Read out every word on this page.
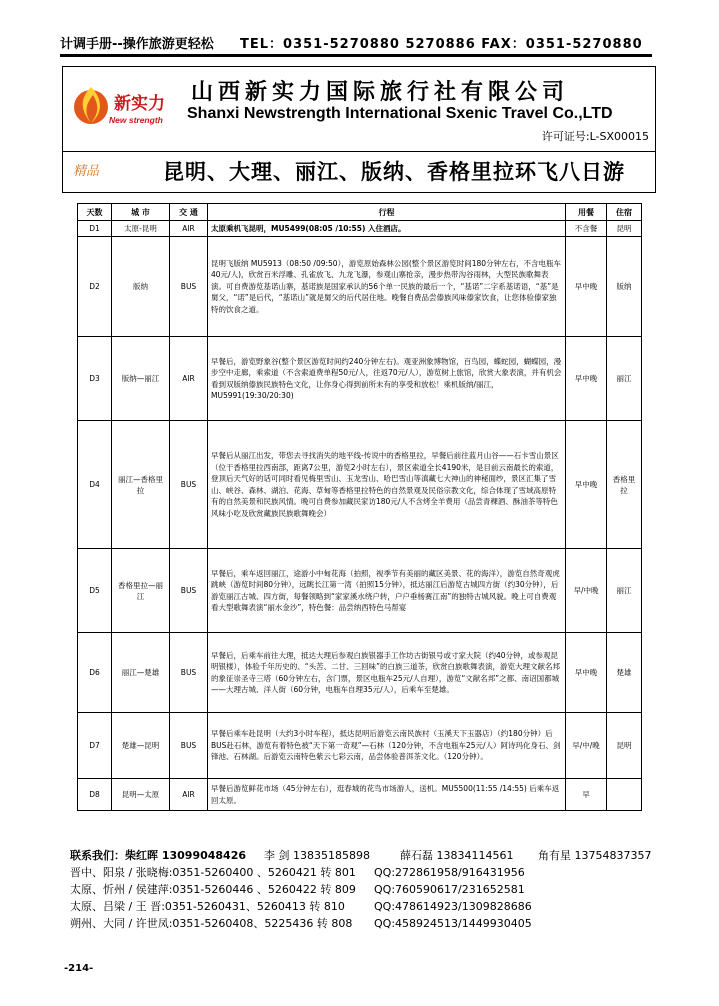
计调手册--操作旅游更轻松 TEL：0351-5270880 5270886 FAX：0351-5270880
新实力
New strength
山西新实力国际旅行社有限公司
Shanxi Newstrength International Sxenic Travel Co.,LTD
许可证号:L-SX00015
精品	昆明、大理、丽江、版纳、香格里拉环飞八日游
天数	城 市	交 通	行程	用餐	住宿
D1	太原-昆明	AIR	太原乘机飞昆明，MU5499(08:05 /10:55) 入住酒店。	不含餐	昆明
D2	版纳	BUS	昆明飞版纳 MU5913（08:50 /09:50），游览原始森林公园(整个景区游览时间180分钟左右，不含电瓶车40元/人)，欣赏百米浮雕、孔雀放飞、九龙飞瀑，参观山寨抢亲，漫步热带沟谷雨林，大型民族歌舞表演。可自费游览基诺山寨，基诺族是国家承认的56个单一民族的最后一个，“基诺”二字系基诺语，“基”是舅父，“诺”是后代，“基诺山”就是舅父的后代居住地。晚餐自费品尝傣族风味傣家饮食，让您体验傣家独特的饮食之道。	早中晚	版纳
D3	版纳—丽江	AIR	早餐后，游览野象谷(整个景区游览时间约240分钟左右)。观亚洲象博物馆，百鸟园，蝶蛇园，蝴蝶园，漫步空中走廊，乘索道（不含索道费单程50元/人，往返70元/人），游览树上旅馆，欣赏大象表演，并有机会看到双版纳傣族民族特色文化，让你身心得到前所未有的享受和放松！乘机版纳/丽江，MU5991(19:30/20:30)	早中晚	丽江
D4	丽江—香格里拉	BUS	早餐后从丽江出发，带您去寻找消失的地平线-传说中的香格里拉，早餐后前往蓝月山谷——石卡雪山景区（位于香格里拉西南部，距离7公里，游览2小时左右），景区索道全长4190米，是目前云南最长的索道，登顶后天气好的话可同时看见梅里雪山、玉龙雪山、哈巴雪山等滇藏七大神山的神秘面纱，景区汇集了雪山、峡谷、森林、湖泊、花海、草甸等香格里拉特色的自然景观及民俗宗教文化，综合体现了雪域高原特有的自然美景和民族风情。晚可自费参加藏民家访180元/人不含烤全羊费用（品尝青稞酒、酥油茶等特色风味小吃及欣赏藏族民族歌舞晚会）	早中晚	香格里拉
D5	香格里拉—丽江	BUS	早餐后，乘车返回丽江，途游小中甸花海（拍照，视季节有美丽的藏区美景、花的海洋），游览自然奇观虎跳峡（游览时间80分钟），远眺长江第一湾（拍照15分钟），抵达丽江后游览古城四方街（约30分钟），后游览丽江古城、四方街，每餐领略到“家家溪水绕户转，户户垂杨赛江南”的独特古城风貌。晚上可自费观看大型歌舞表演“丽水金沙”，特色餐：品尝纳西特色马帮宴	早/中晚	丽江
D6	丽江—楚雄	BUS	早餐后，后乘车前往大理，抵达大理后参观白族银器手工作坊古街银号或寸家大院（约40分钟，或参观昆明银楼），体验千年历史的、“头苦、二甘、三回味”的白族三道茶，欣赏白族歌舞表演，游览大理文献名邦的象征崇圣寺三塔（60分钟左右，含门票，景区电瓶车25元/人自理），游览“文献名邦”之都、南诏国都城——大理古城、洋人街（60分钟，电瓶车自理35元/人），后乘车至楚雄。	早中晚	楚雄
D7	楚雄—昆明	BUS	早餐后乘车赴昆明（大约3小时车程），抵达昆明后游览云南民族村（玉溪天下玉器店）（约180分钟）后BUS赴石林，游览有着特色被“天下第一奇观”—石林（120分钟，不含电瓶车25元/人）阿诗玛化身石、剑锋池、石林湖。后游览云南特色紫云七彩云南，品尝体验普洱茶文化。（120分钟）。	早/中/晚	昆明
D8	昆明—太原	AIR	早餐后游览鲜花市场（45分钟左右），逛春城的花鸟市场游人，送机。MU5500(11:55 /14:55) 后乘车返回太原。	早	
联系我们：柴红晖 13099048426 李 剑 13835185898	薛石磊 13834114561 角有星 13754837357
晋中、阳泉 / 张晓梅:0351-5260400 、5260421 转 801 QQ:272861958/916431956
太原、忻州 / 侯建萍:0351-5260446 、5260422 转 809 QQ:760590617/231652581
太原、吕梁 / 王 晋:0351-5260431、5260413 转 810	QQ:478614923/1309828686
朔州、大同 / 许世凤:0351-5260408、5225436 转 808 QQ:458924513/1449930405
-214-
